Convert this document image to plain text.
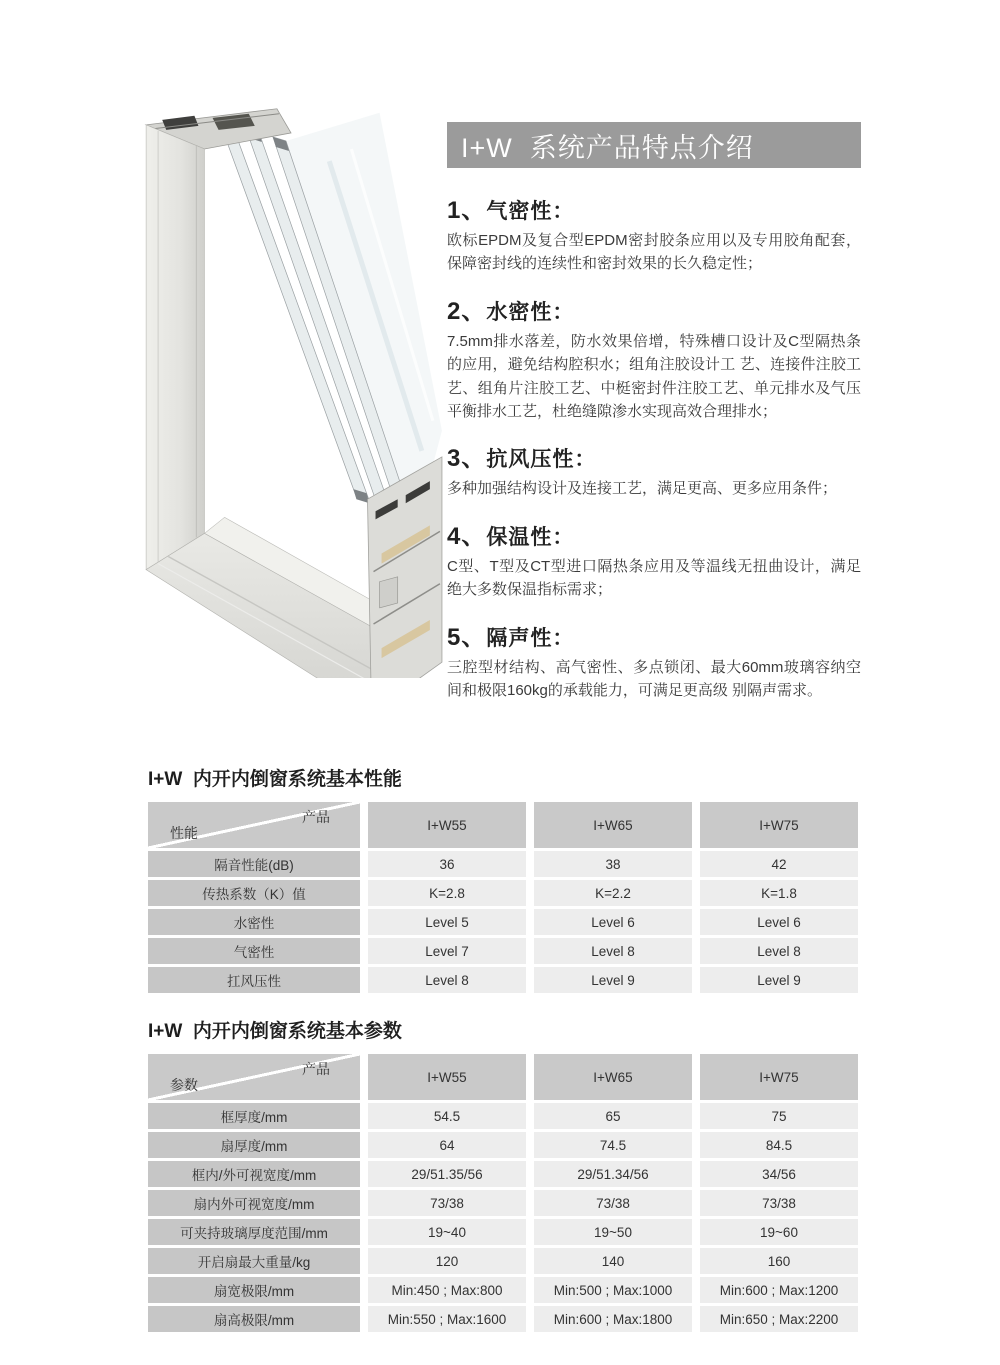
I+W  系统产品特点介绍
1、气密性：
欧标EPDM及复合型EPDM密封胶条应用以及专用胶角配套，保障密封线的连续性和密封效果的长久稳定性；
2、水密性：
7.5mm排水落差，防水效果倍增，特殊槽口设计及C型隔热条的应用，避免结构腔积水；组角注胶设计工 艺、连接件注胶工艺、组角片注胶工艺、中梃密封件注胶工艺、单元排水及气压平衡排水工艺，杜绝缝隙渗水实现高效合理排水；
3、抗风压性：
多种加强结构设计及连接工艺，满足更高、更多应用条件；
4、保温性：
C型、T型及CT型进口隔热条应用及等温线无扭曲设计，满足绝大多数保温指标需求；
5、隔声性：
三腔型材结构、高气密性、多点锁闭、最大60mm玻璃容纳空间和极限160kg的承载能力，可满足更高级 别隔声需求。
I+W  内开内倒窗系统基本性能
产品
性能	I+W55	I+W65	I+W75
隔音性能(dB)	36	38	42
传热系数（K）值	K=2.8	K=2.2	K=1.8
水密性	Level 5	Level 6	Level 6
气密性	Level 7	Level 8	Level 8
扛风压性	Level 8	Level 9	Level 9
I+W  内开内倒窗系统基本参数
产品
参数	I+W55	I+W65	I+W75
框厚度/mm	54.5	65	75
扇厚度/mm	64	74.5	84.5
框内/外可视宽度/mm	29/51.35/56	29/51.34/56	34/56
扇内外可视宽度/mm	73/38	73/38	73/38
可夹持玻璃厚度范围/mm	19~40	19~50	19~60
开启扇最大重量/kg	120	140	160
扇宽极限/mm	Min:450 ; Max:800	Min:500 ; Max:1000	Min:600 ; Max:1200
扇高极限/mm	Min:550 ; Max:1600	Min:600 ; Max:1800	Min:650 ; Max:2200
